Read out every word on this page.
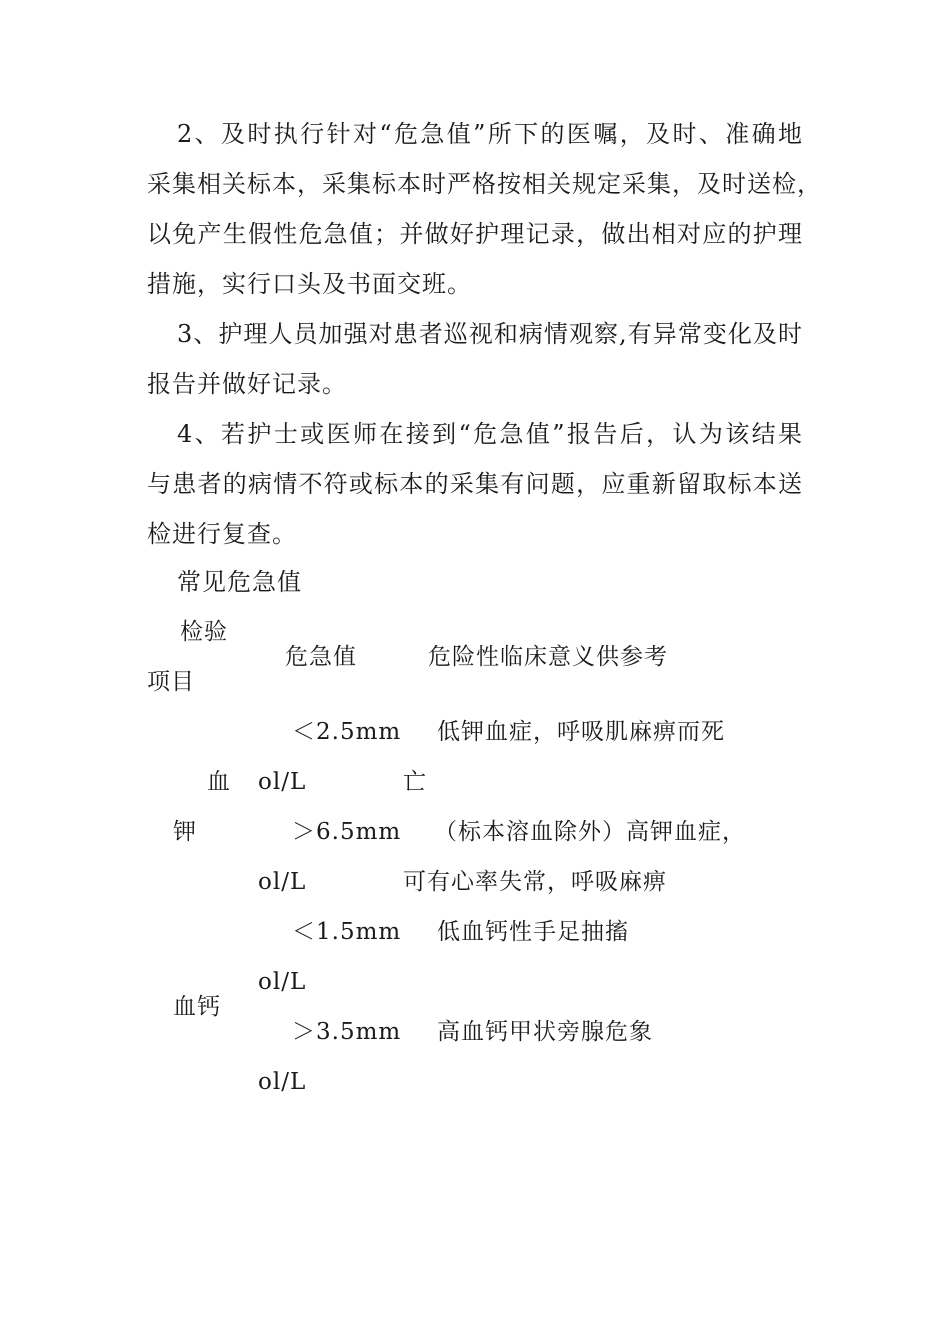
2、及时执行针对“危急值”所下的医嘱，及时、准确地
采集相关标本，采集标本时严格按相关规定采集，及时送检，
以免产生假性危急值；并做好护理记录，做出相对应的护理
措施，实行口头及书面交班。
3、护理人员加强对患者巡视和病情观察,有异常变化及时
报告并做好记录。
4、若护士或医师在接到“危急值”报告后，认为该结果
与患者的病情不符或标本的采集有问题，应重新留取标本送
检进行复查。
常见危急值
检验
项目
危急值	危险性临床意义供参考
血
钾
＜2.5mm
ol/L
低钾血症，呼吸肌麻痹而死
亡
＞6.5mm
ol/L
（标本溶血除外）高钾血症，
可有心率失常，呼吸麻痹
血钙
＜1.5mm
ol/L
低血钙性手足抽搐
＞3.5mm
ol/L
高血钙甲状旁腺危象
